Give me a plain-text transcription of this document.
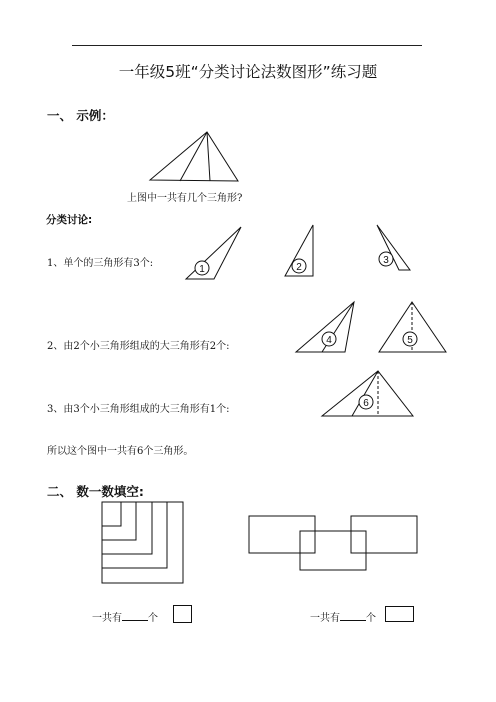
一年级5班“分类讨论法数图形”练习题
一、 示例：
上图中一共有几个三角形?
分类讨论:
1、单个的三角形有3个:
2、由2个小三角形组成的大三角形有2个:
3、由3个小三角形组成的大三角形有1个:
所以这个图中一共有6个三角形。
二、 数一数填空:
1	2
3
4	5
6
一共有	个	一共有	个
